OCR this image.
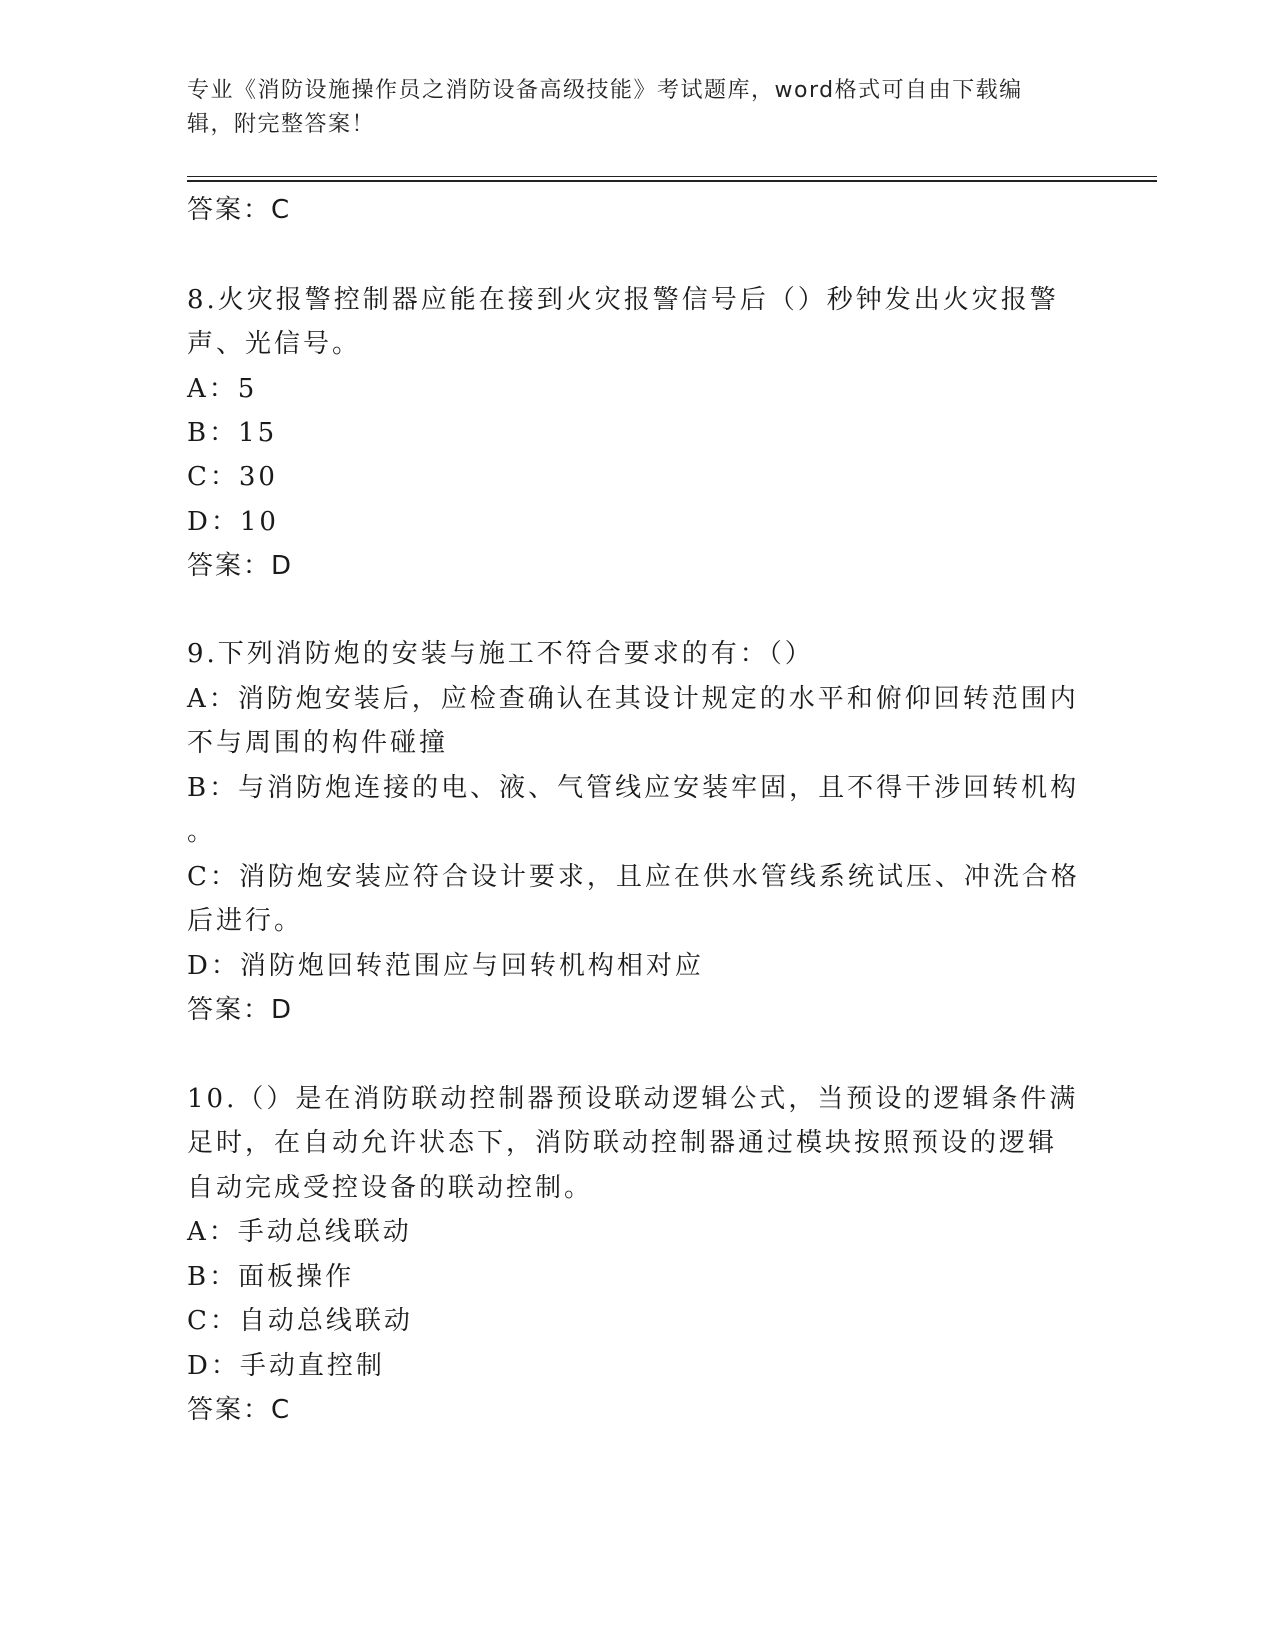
专业《消防设施操作员之消防设备高级技能》考试题库，word格式可自由下载编
辑，附完整答案！
答案：C
8.火灾报警控制器应能在接到火灾报警信号后（）秒钟发出火灾报警
声、光信号。
A：5
B：15
C：30
D：10
答案：D
9.下列消防炮的安装与施工不符合要求的有：（）
A：消防炮安装后，应检查确认在其设计规定的水平和俯仰回转范围内
不与周围的构件碰撞
B：与消防炮连接的电、液、气管线应安装牢固，且不得干涉回转机构
。
C：消防炮安装应符合设计要求，且应在供水管线系统试压、冲洗合格
后进行。
D：消防炮回转范围应与回转机构相对应
答案：D
10.（）是在消防联动控制器预设联动逻辑公式，当预设的逻辑条件满
足时，在自动允许状态下，消防联动控制器通过模块按照预设的逻辑
自动完成受控设备的联动控制。
A：手动总线联动
B：面板操作
C：自动总线联动
D：手动直控制
答案：C
